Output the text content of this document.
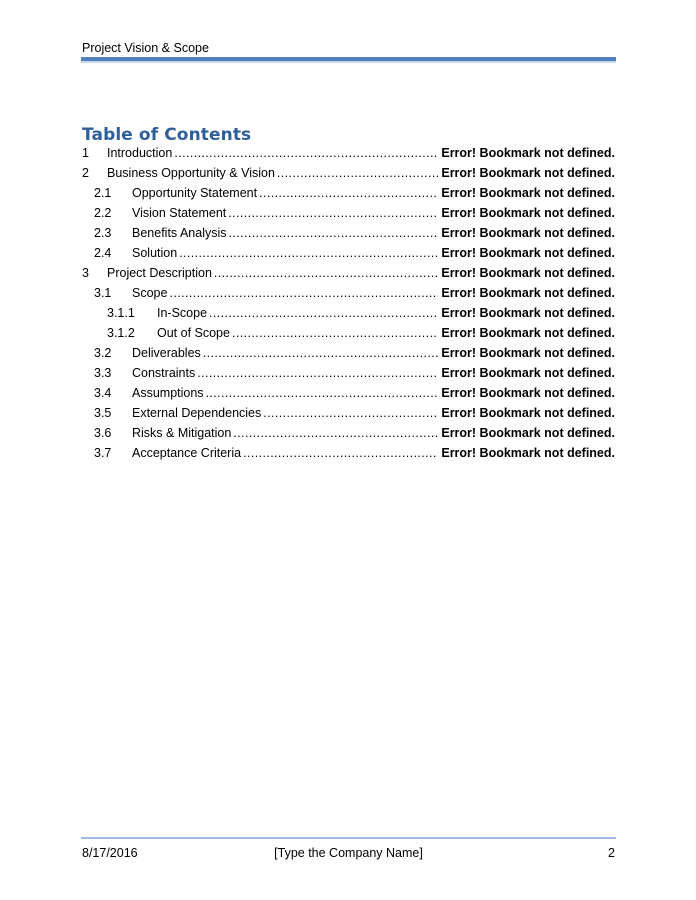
Project Vision & Scope
Table of Contents
1	Introduction .....	Error! Bookmark not defined.
2	Business Opportunity & Vision .....	Error! Bookmark not defined.
2.1	Opportunity Statement .....	Error! Bookmark not defined.
2.2	Vision Statement .....	Error! Bookmark not defined.
2.3	Benefits Analysis .....	Error! Bookmark not defined.
2.4	Solution .....	Error! Bookmark not defined.
3	Project Description .....	Error! Bookmark not defined.
3.1	Scope .....	Error! Bookmark not defined.
3.1.1	In-Scope .....	Error! Bookmark not defined.
3.1.2	Out of Scope .....	Error! Bookmark not defined.
3.2	Deliverables .....	Error! Bookmark not defined.
3.3	Constraints .....	Error! Bookmark not defined.
3.4	Assumptions .....	Error! Bookmark not defined.
3.5	External Dependencies .....	Error! Bookmark not defined.
3.6	Risks & Mitigation .....	Error! Bookmark not defined.
3.7	Acceptance Criteria .....	Error! Bookmark not defined.
8/17/2016	[Type the Company Name]	2
